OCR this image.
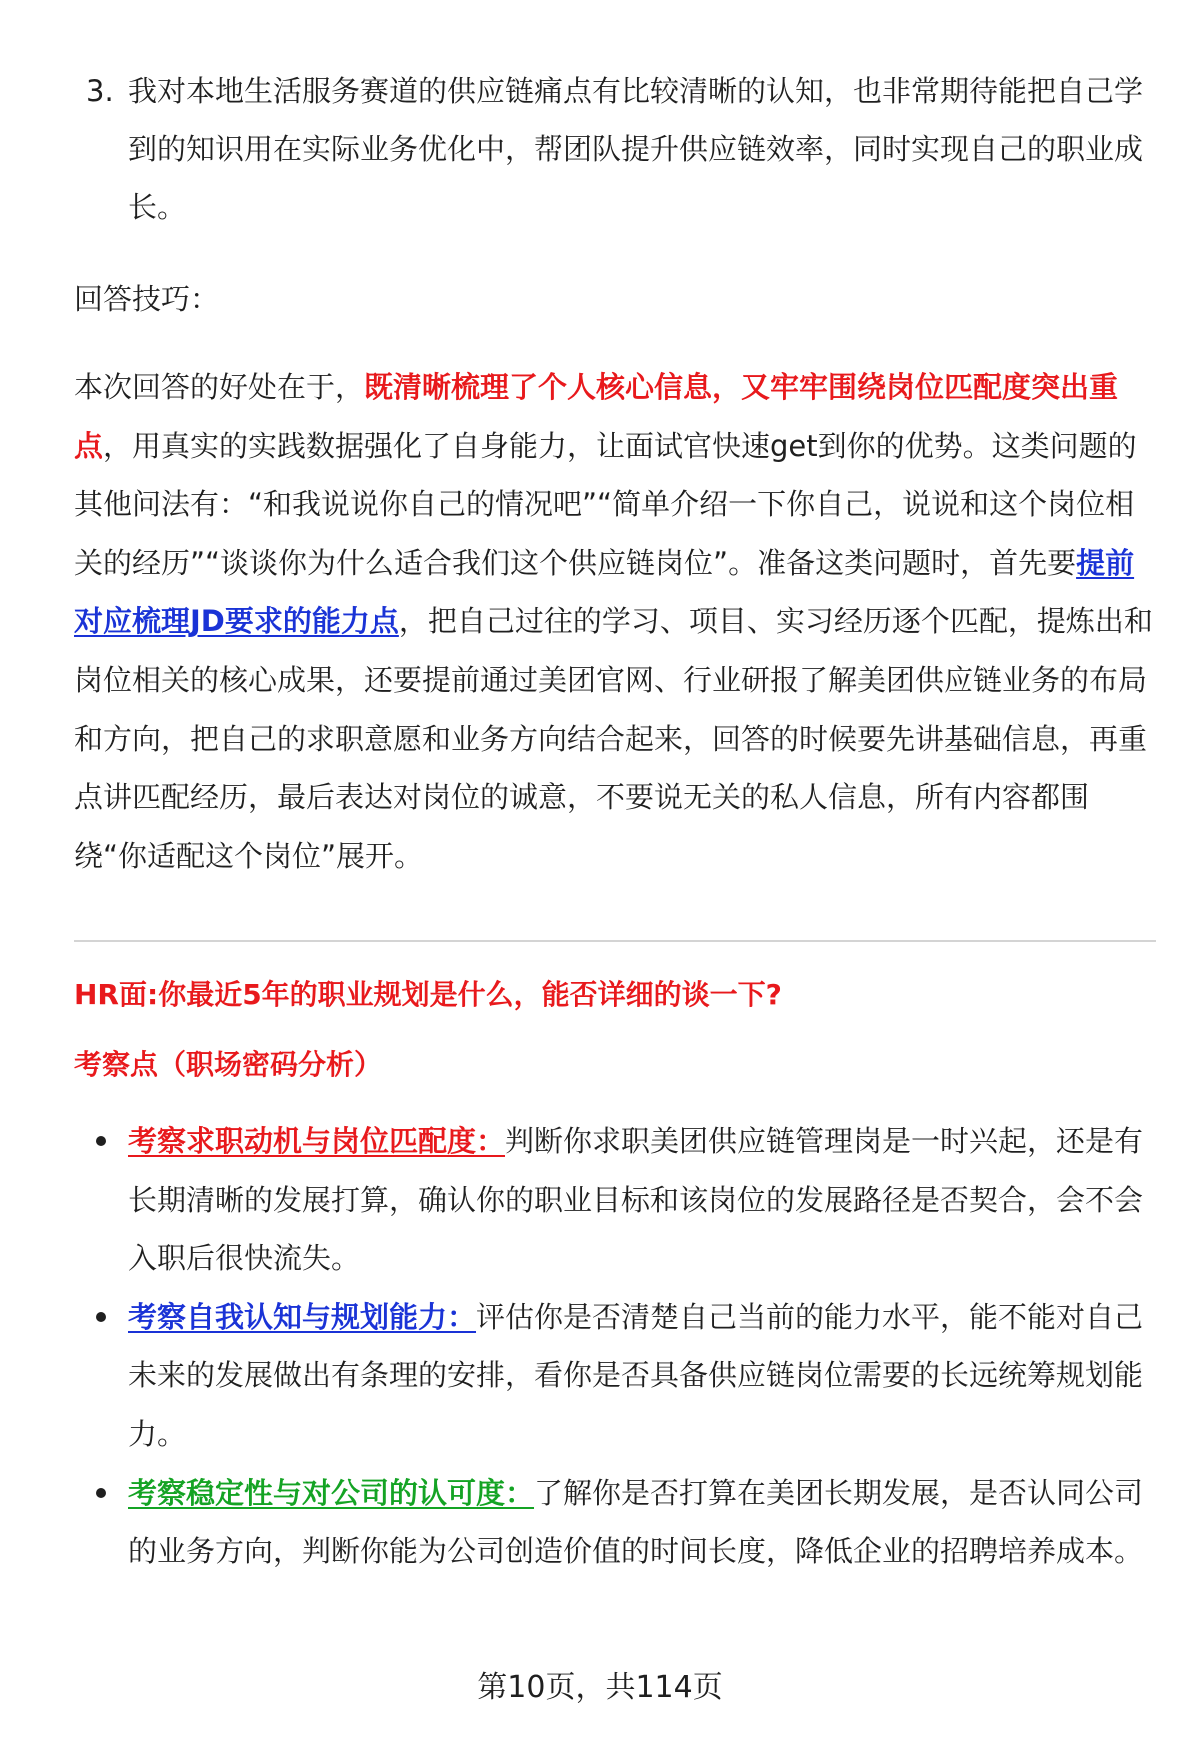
3. 我对本地生活服务赛道的供应链痛点有比较清晰的认知，也非常期待能把自己学到的知识用在实际业务优化中，帮团队提升供应链效率，同时实现自己的职业成长。
回答技巧：
本次回答的好处在于，既清晰梳理了个人核心信息，又牢牢围绕岗位匹配度突出重点，用真实的实践数据强化了自身能力，让面试官快速get到你的优势。这类问题的其他问法有：“和我说说你自己的情况吧”“简单介绍一下你自己，说说和这个岗位相关的经历”“谈谈你为什么适合我们这个供应链岗位”。准备这类问题时，首先要提前对应梳理JD要求的能力点，把自己过往的学习、项目、实习经历逐个匹配，提炼出和岗位相关的核心成果，还要提前通过美团官网、行业研报了解美团供应链业务的布局和方向，把自己的求职意愿和业务方向结合起来，回答的时候要先讲基础信息，再重点讲匹配经历，最后表达对岗位的诚意，不要说无关的私人信息，所有内容都围绕“你适配这个岗位”展开。
HR面:你最近5年的职业规划是什么，能否详细的谈一下?
考察点（职场密码分析）
考察求职动机与岗位匹配度：判断你求职美团供应链管理岗是一时兴起，还是有长期清晰的发展打算，确认你的职业目标和该岗位的发展路径是否契合，会不会入职后很快流失。
考察自我认知与规划能力：评估你是否清楚自己当前的能力水平，能不能对自己未来的发展做出有条理的安排，看你是否具备供应链岗位需要的长远统筹规划能力。
考察稳定性与对公司的认可度：了解你是否打算在美团长期发展，是否认同公司的业务方向，判断你能为公司创造价值的时间长度，降低企业的招聘培养成本。
第10页，共114页
